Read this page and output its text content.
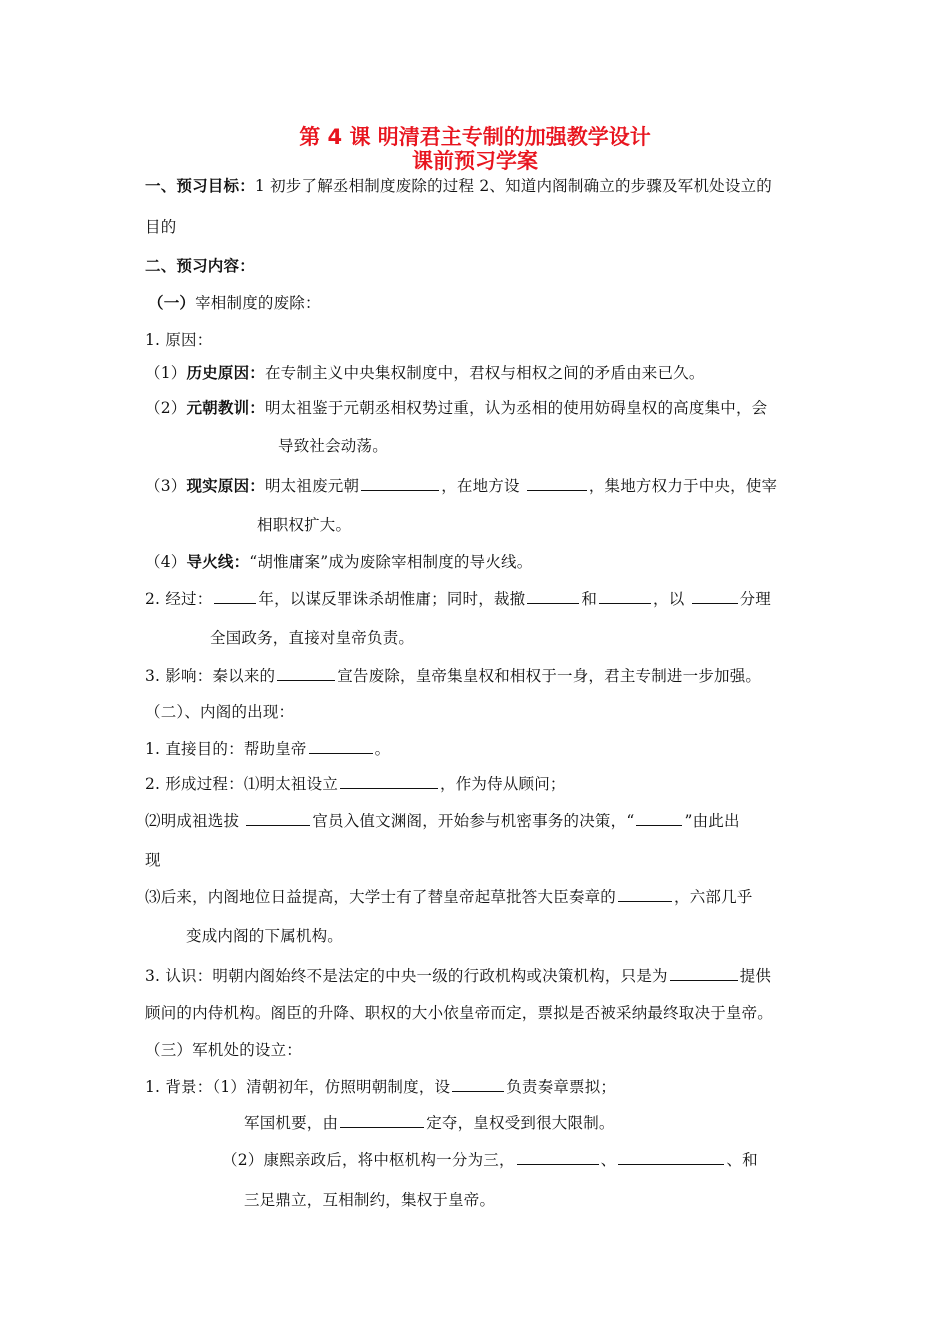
第 4 课 明清君主专制的加强教学设计
课前预习学案
一、预习目标：1 初步了解丞相制度废除的过程 2、知道内阁制确立的步骤及军机处设立的
目的
二、预习内容：
（一）宰相制度的废除：
1. 原因：
（1）历史原因：在专制主义中央集权制度中，君权与相权之间的矛盾由来已久。
（2）元朝教训：明太祖鉴于元朝丞相权势过重，认为丞相的使用妨碍皇权的高度集中，会
导致社会动荡。
（3）现实原因：明太祖废元朝	，在地方设	，集地方权力于中央，使宰
相职权扩大。
（4）导火线：“胡惟庸案”成为废除宰相制度的导火线。
2. 经过：	年，以谋反罪诛杀胡惟庸；同时，裁撤	和	，以	分理
全国政务，直接对皇帝负责。
3. 影响：秦以来的	宣告废除，皇帝集皇权和相权于一身，君主专制进一步加强。
（二）、内阁的出现：
1. 直接目的：帮助皇帝	。
2. 形成过程：⑴明太祖设立	，作为侍从顾问；
⑵明成祖选拔	官员入值文渊阁，开始参与机密事务的决策，“	”由此出
现
⑶后来，内阁地位日益提高，大学士有了替皇帝起草批答大臣奏章的	，六部几乎
变成内阁的下属机构。
3. 认识：明朝内阁始终不是法定的中央一级的行政机构或决策机构，只是为	提供
顾问的内侍机构。阁臣的升降、职权的大小依皇帝而定，票拟是否被采纳最终取决于皇帝。
（三）军机处的设立：
1. 背景：（1）清朝初年，仿照明朝制度，设	负责奏章票拟；
军国机要，由	定夺，皇权受到很大限制。
（2）康熙亲政后，将中枢机构一分为三，	、	、和
三足鼎立，互相制约，集权于皇帝。
